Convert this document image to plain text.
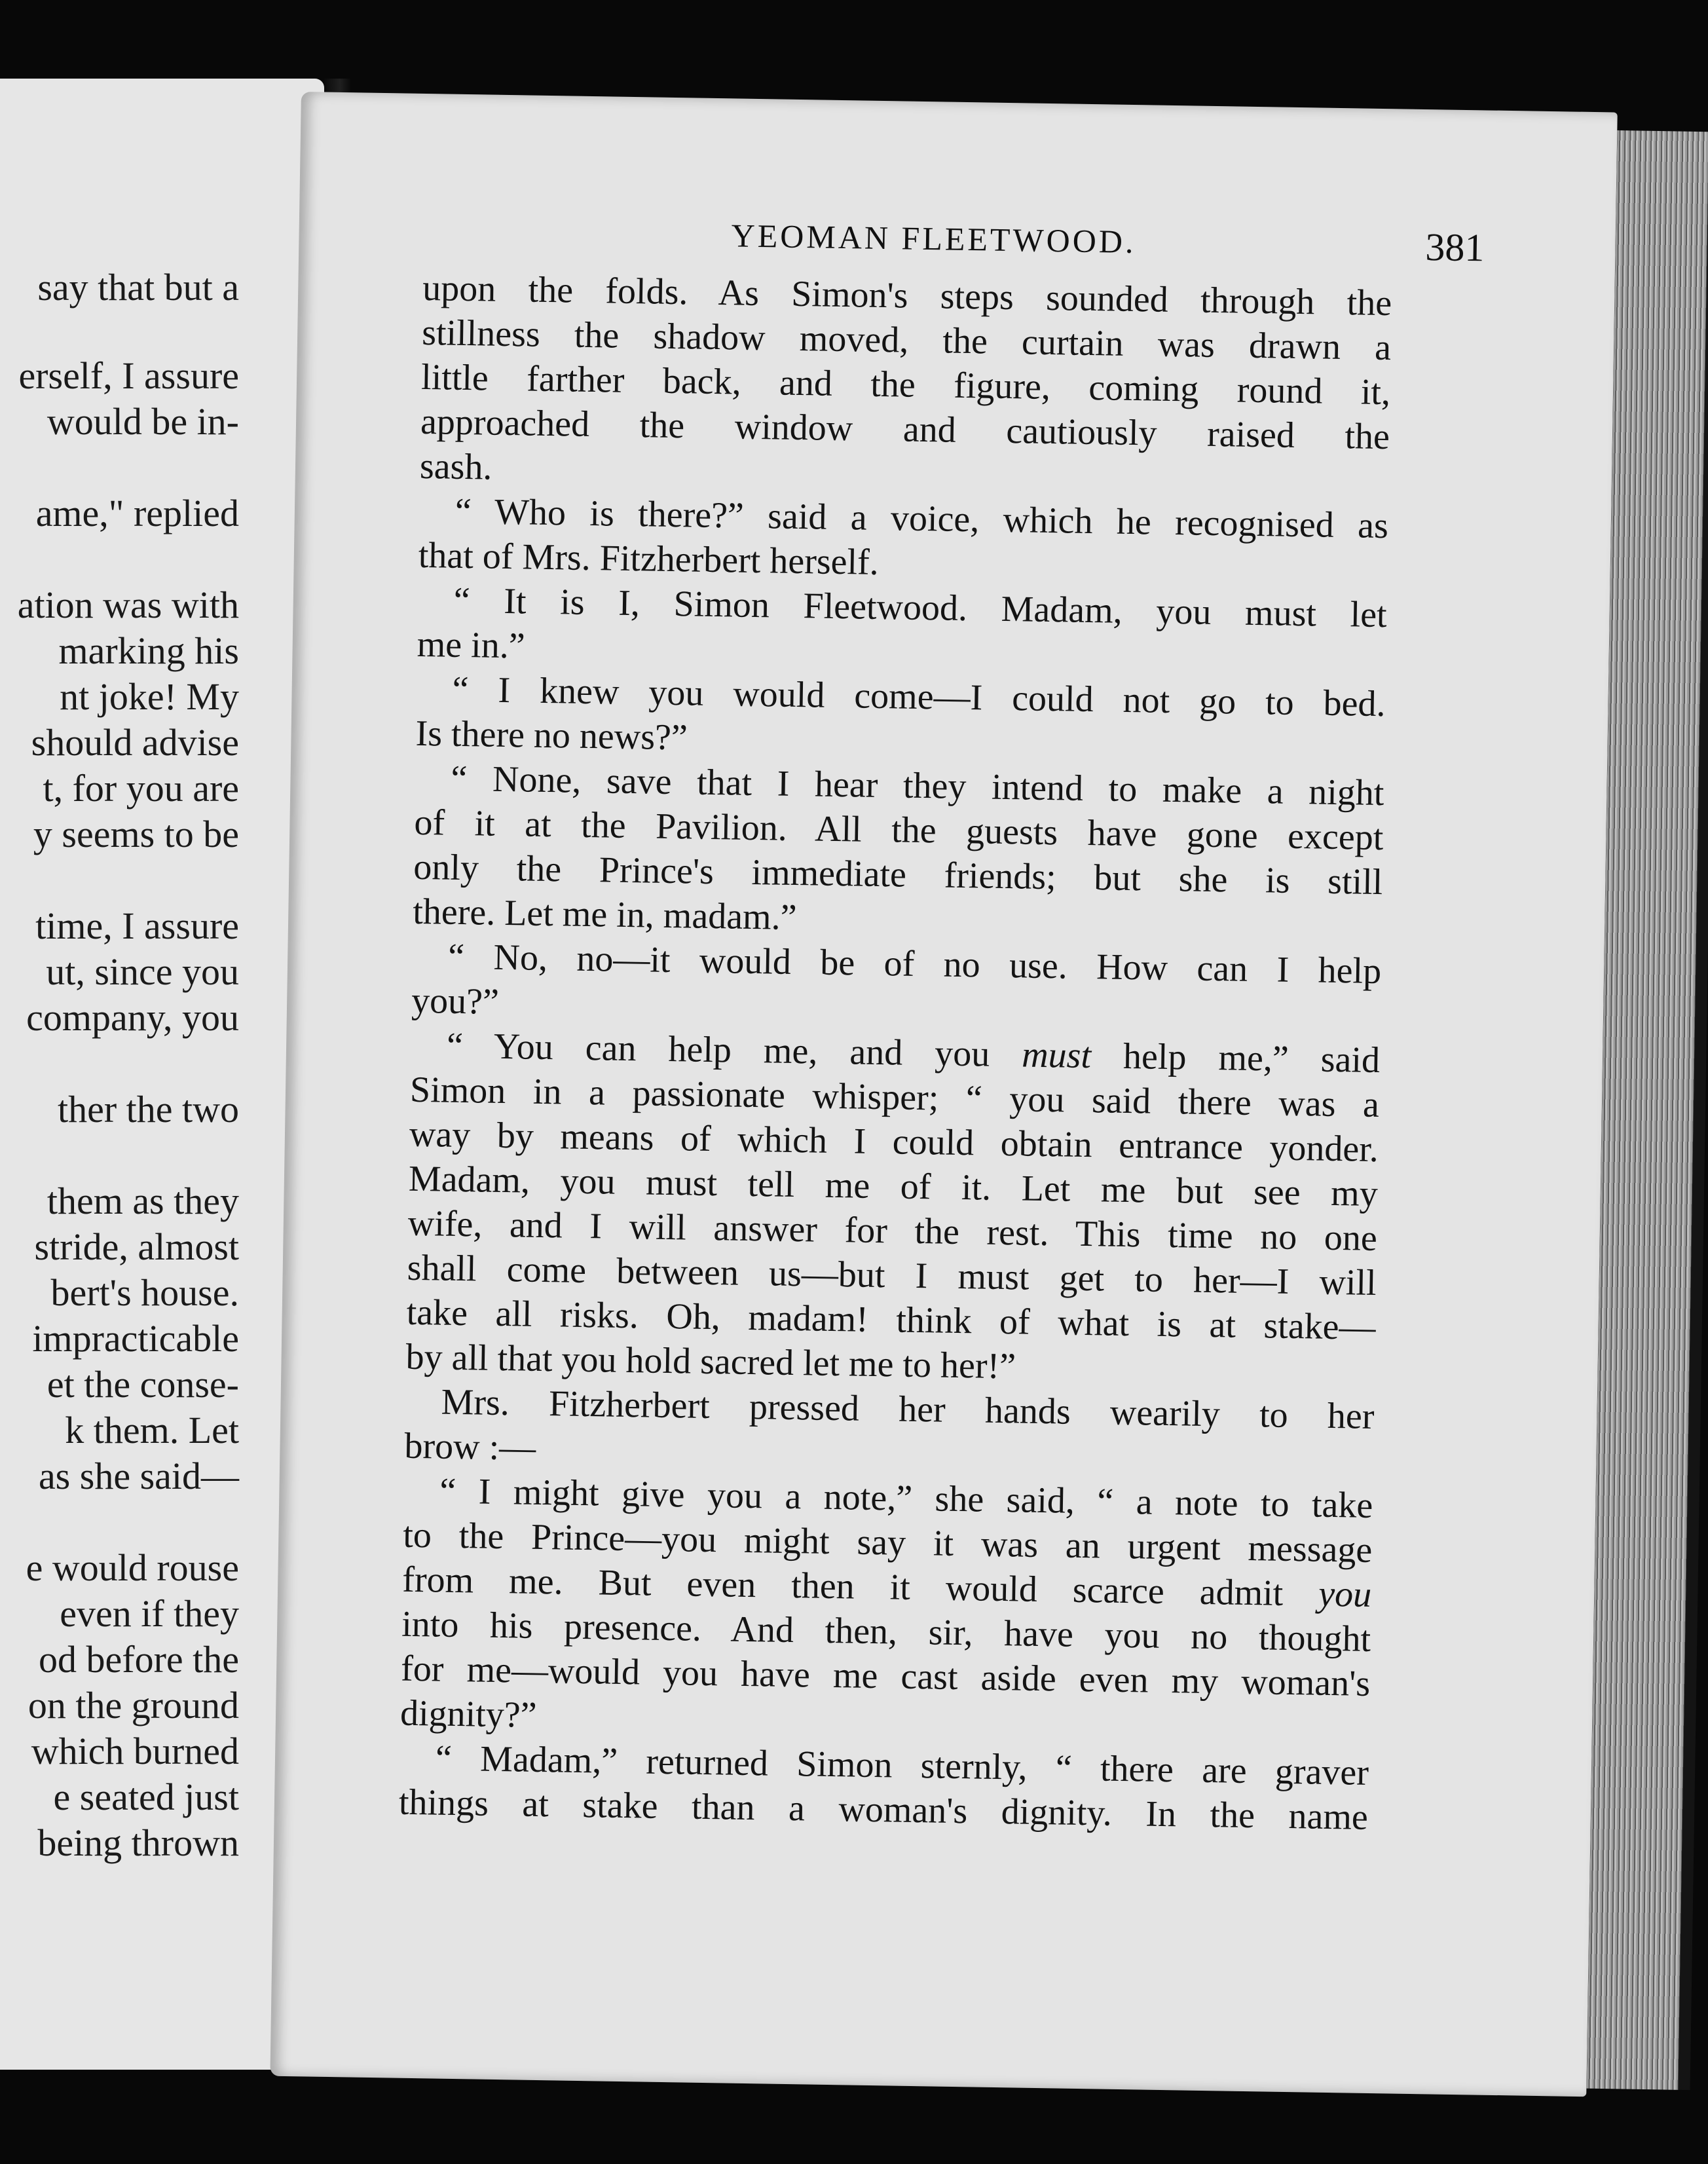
say that but a
erself, I assure
would be in-
ame," replied
ation was with
marking his
nt joke! My
should advise
t, for you are
y seems to be
time, I assure
ut, since you
company, you
ther the two
them as they
stride, almost
bert's house.
impracticable
et the conse-
k them. Let
as she said—
e would rouse
even if they
od before the
on the ground
which burned
e seated just
being thrown
YEOMAN FLEETWOOD.	381
upon the folds. As Simon's steps sounded through the
stillness the shadow moved, the curtain was drawn a
little farther back, and the figure, coming round it,
approached the window and cautiously raised the
sash.
“ Who is there?” said a voice, which he recognised as
that of Mrs. Fitzherbert herself.
“ It is I, Simon Fleetwood. Madam, you must let
me in.”
“ I knew you would come—I could not go to bed.
Is there no news?”
“ None, save that I hear they intend to make a night
of it at the Pavilion. All the guests have gone except
only the Prince's immediate friends; but she is still
there. Let me in, madam.”
“ No, no—it would be of no use. How can I help
you?”
“ You can help me, and you must help me,” said
Simon in a passionate whisper; “ you said there was a
way by means of which I could obtain entrance yonder.
Madam, you must tell me of it. Let me but see my
wife, and I will answer for the rest. This time no one
shall come between us—but I must get to her—I will
take all risks. Oh, madam! think of what is at stake—
by all that you hold sacred let me to her!”
Mrs. Fitzherbert pressed her hands wearily to her
brow :—
“ I might give you a note,” she said, “ a note to take
to the Prince—you might say it was an urgent message
from me. But even then it would scarce admit you
into his presence. And then, sir, have you no thought
for me—would you have me cast aside even my woman's
dignity?”
“ Madam,” returned Simon sternly, “ there are graver
things at stake than a woman's dignity. In the name
